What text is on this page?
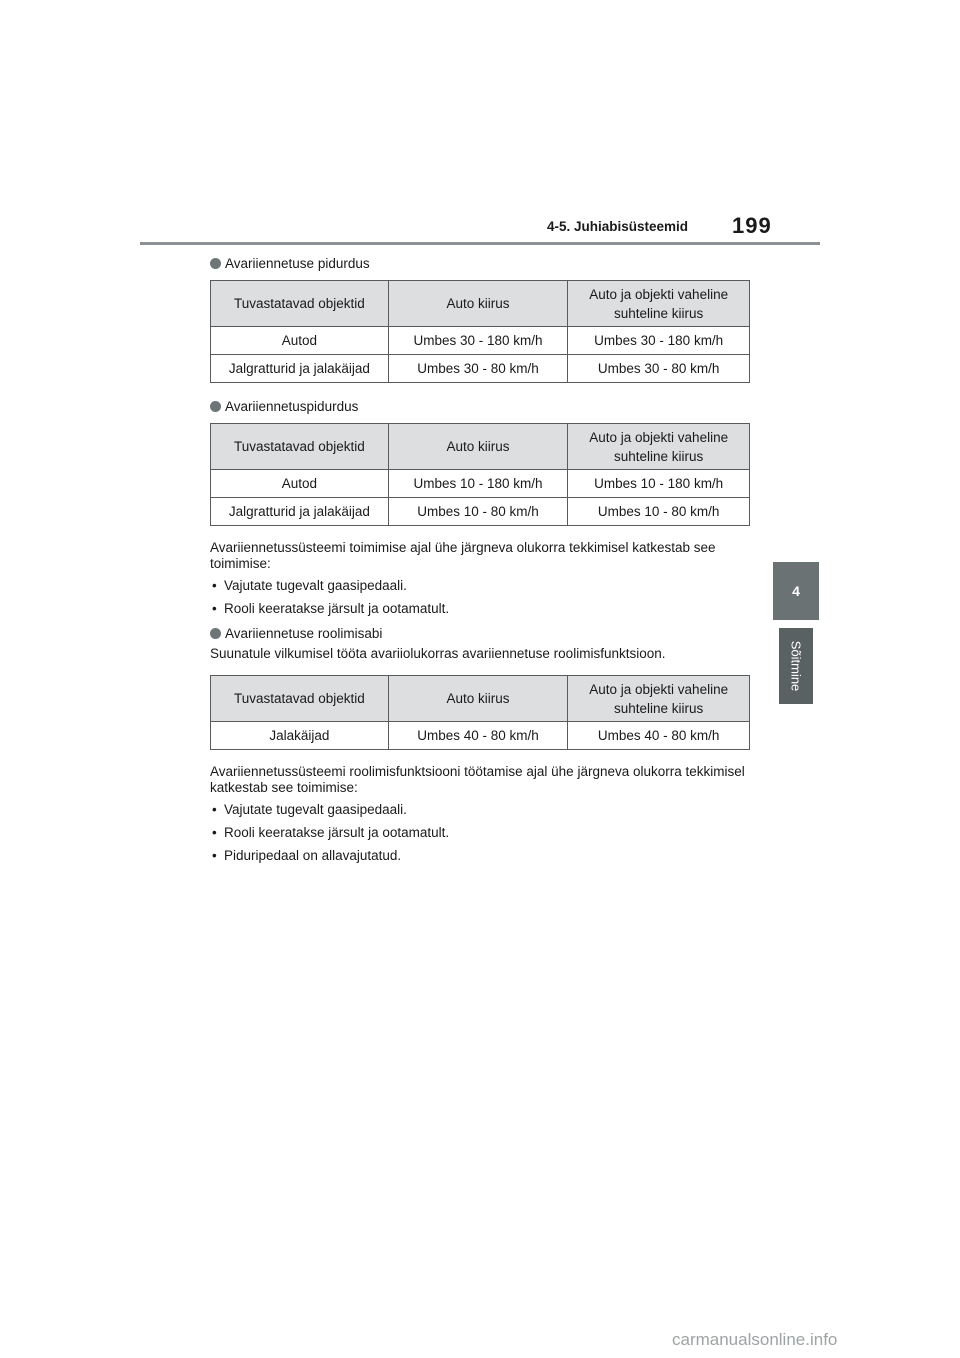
4-5. Juhiabisüsteemid 199
4
Sõitmine
Avariiennetuse pidurdus
Tuvastatavad objektid	Auto kiirus	Auto ja objekti vaheline suhteline kiirus
Autod	Umbes 30 - 180 km/h	Umbes 30 - 180 km/h
Jalgratturid ja jalakäijad	Umbes 30 - 80 km/h	Umbes 30 - 80 km/h
Avariiennetuspidurdus
Tuvastatavad objektid	Auto kiirus	Auto ja objekti vaheline suhteline kiirus
Autod	Umbes 10 - 180 km/h	Umbes 10 - 180 km/h
Jalgratturid ja jalakäijad	Umbes 10 - 80 km/h	Umbes 10 - 80 km/h

Avariiennetussüsteemi toimimise ajal ühe järgneva olukorra tekkimisel katkestab see toimimise:

• Vajutate tugevalt gaasipedaali.
• Rooli keeratakse järsult ja ootamatult.
Avariiennetuse roolimisabi

Suunatule vilkumisel tööta avariiolukorras avariiennetuse roolimisfunktsioon.

Tuvastatavad objektid	Auto kiirus	Auto ja objekti vaheline suhteline kiirus
Jalakäijad	Umbes 40 - 80 km/h	Umbes 40 - 80 km/h

Avariiennetussüsteemi roolimisfunktsiooni töötamise ajal ühe järgneva olukorra tekkimisel katkestab see toimimise:

• Vajutate tugevalt gaasipedaali.
• Rooli keeratakse järsult ja ootamatult.
• Piduripedaal on allavajutatud.
carmanualsonline.info
